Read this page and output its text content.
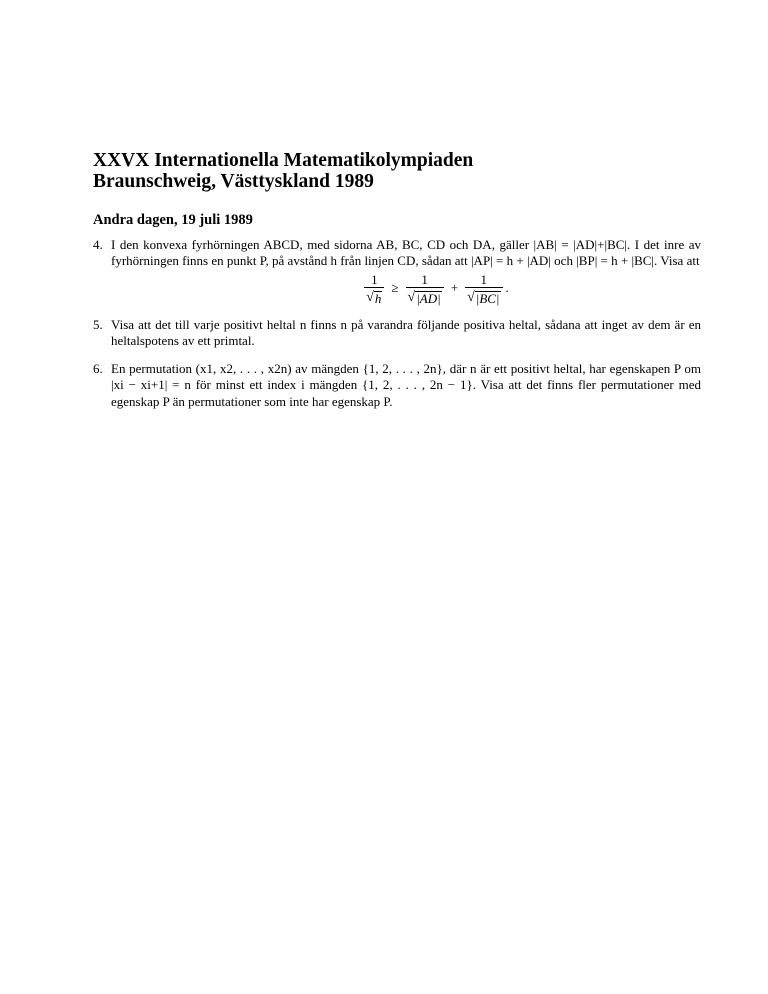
XXVX Internationella Matematikolympiaden
Braunschweig, Västtyskland 1989
Andra dagen, 19 juli 1989
4. I den konvexa fyrhörningen ABCD, med sidorna AB, BC, CD och DA, gäller |AB| = |AD|+|BC|. I det inre av fyrhörningen finns en punkt P, på avstånd h från linjen CD, sådan att |AP| = h + |AD| och |BP| = h + |BC|. Visa att
$\frac{1}{√ h} \ge \frac{1}{√ |AD|} + \frac{1}{√ |BC|}$ .
5. Visa att det till varje positivt heltal n finns n på varandra följande positiva heltal, sådana att inget av dem är en heltalspotens av ett primtal.
6. En permutation (x1, x2, . . . , x2n) av mängden {1, 2, . . . , 2n}, där n är ett positivt heltal, har egenskapen P om |xi − xi+1| = n för minst ett index i mängden {1, 2, . . . , 2n − 1}. Visa att det finns fler permutationer med egenskap P än permutationer som inte har egenskap P.
